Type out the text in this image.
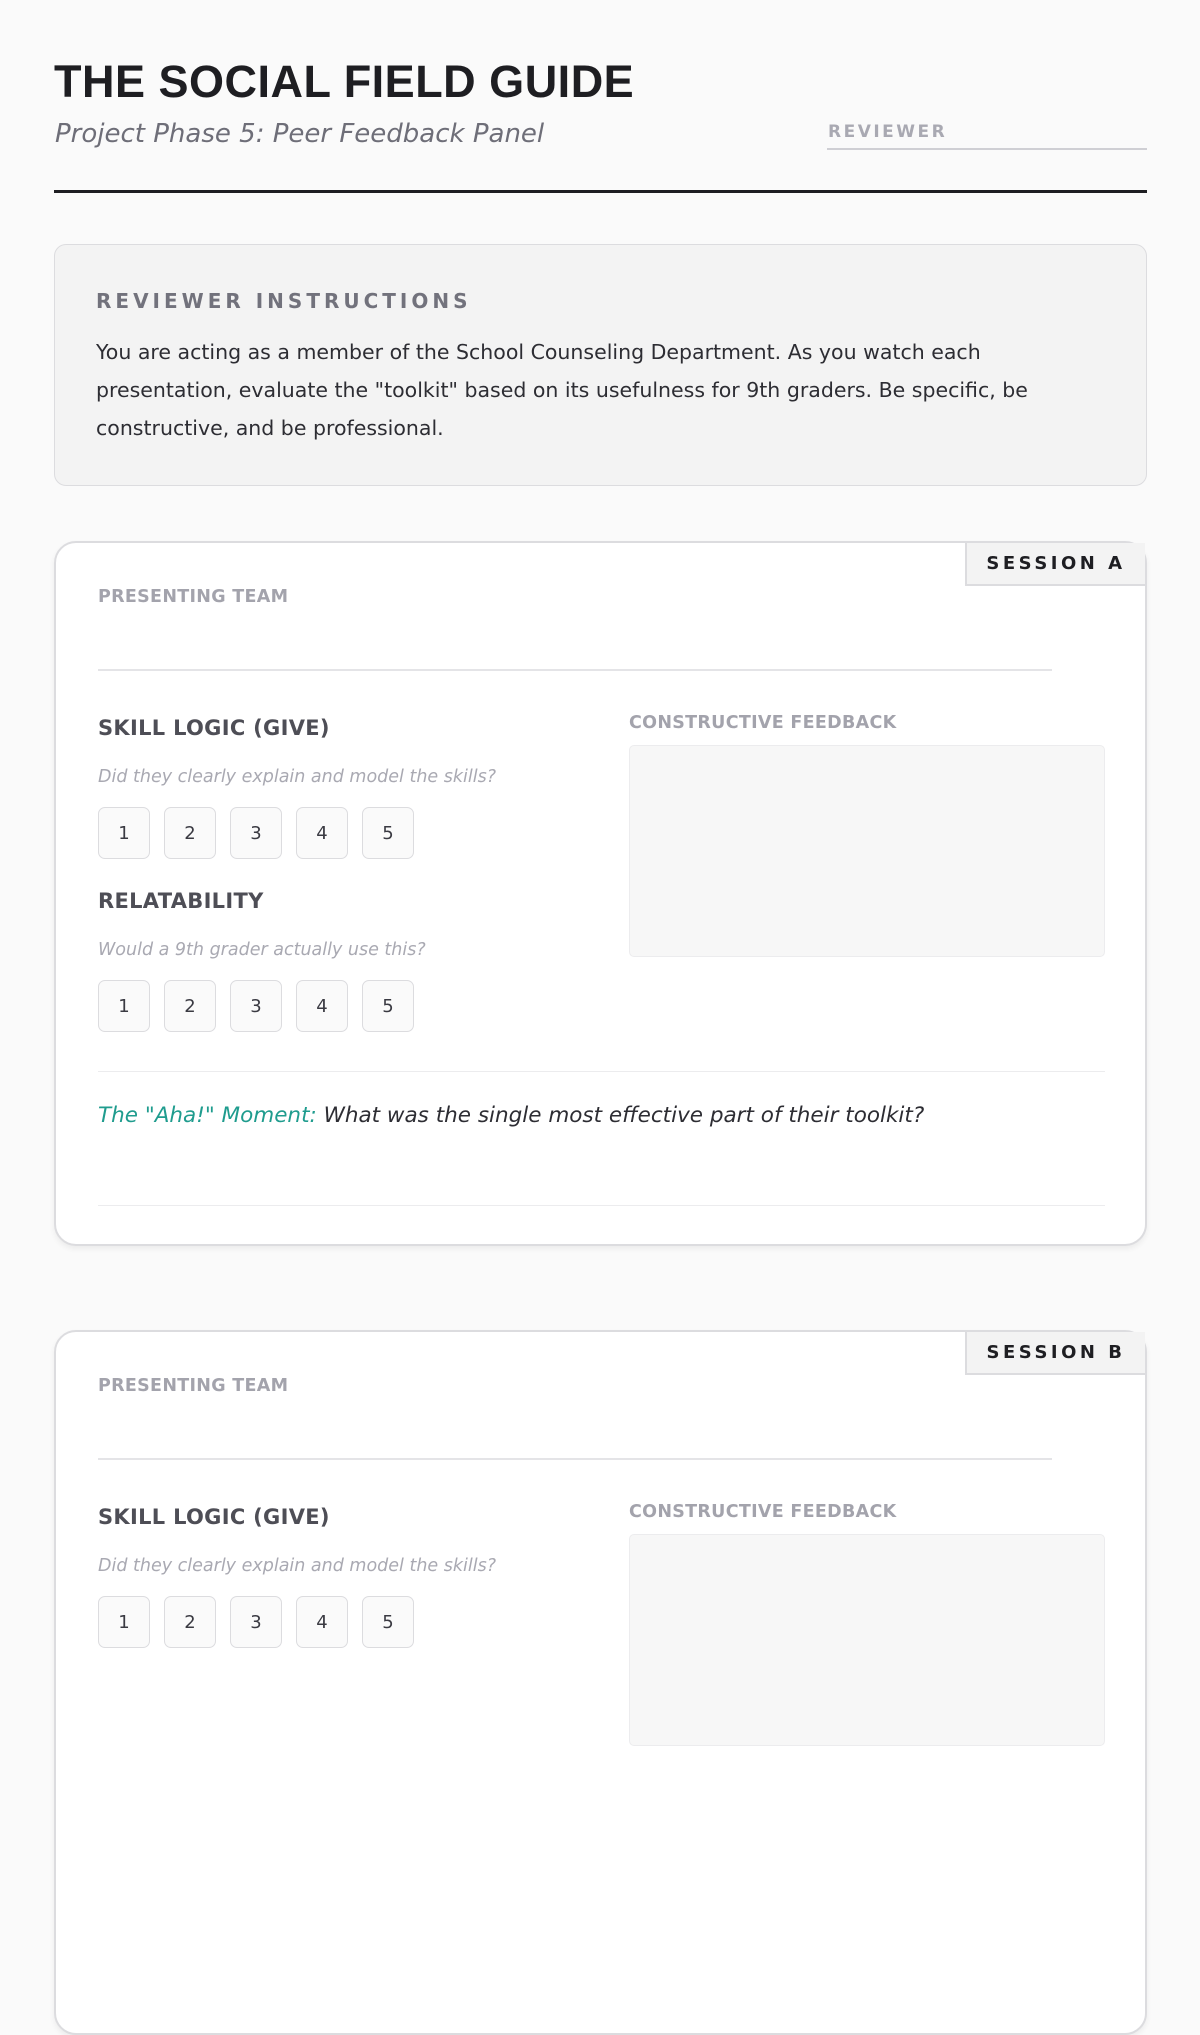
THE SOCIAL FIELD GUIDE
Project Phase 5: Peer Feedback Panel	REVIEWER
REVIEWER INSTRUCTIONS

You are acting as a member of the School Counseling Department. As you watch each presentation, evaluate the "toolkit" based on its usefulness for 9th graders. Be specific, be constructive, and be professional.

SESSION A
PRESENTING TEAM
SKILL LOGIC (GIVE)
Did they clearly explain and model the skills?
1	2	3	4	5
RELATABILITY
Would a 9th grader actually use this?
1	2	3	4	5
CONSTRUCTIVE FEEDBACK
The "Aha!" Moment: What was the single most effective part of their toolkit?
SESSION B
PRESENTING TEAM
SKILL LOGIC (GIVE)
Did they clearly explain and model the skills?
1	2	3	4	5
CONSTRUCTIVE FEEDBACK
